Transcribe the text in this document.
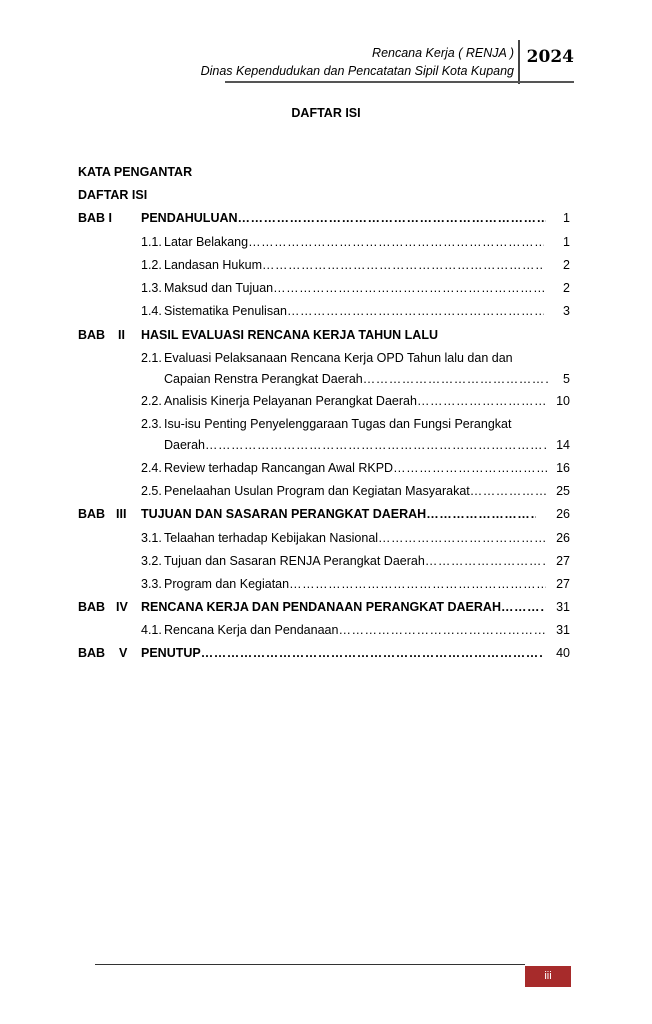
Rencana Kerja ( RENJA )
Dinas Kependudukan dan Pencatatan Sipil Kota Kupang
2024
DAFTAR ISI
KATA PENGANTAR
DAFTAR ISI
BAB I PENDAHULUAN ……………………………………………………………………………………………………………………………………………………	1
1.1. Latar Belakang ……………………………………………………………………………………………………………………………………………………	1
1.2. Landasan Hukum ……………………………………………………………………………………………………………………………………………………	2
1.3. Maksud dan Tujuan ……………………………………………………………………………………………………………………………………………………	2
1.4. Sistematika Penulisan ……………………………………………………………………………………………………………………………………………………	3
BAB II HASIL EVALUASI RENCANA KERJA TAHUN LALU
2.1. Evaluasi Pelaksanaan Rencana Kerja OPD Tahun lalu dan dan
Capaian Renstra Perangkat Daerah ……………………………………………………………………………………………………………………………………………………	5
2.2. Analisis Kinerja Pelayanan Perangkat Daerah ……………………………………………………………………………………………………………………………………………………	10
2.3. Isu-isu Penting Penyelenggaraan Tugas dan Fungsi Perangkat
Daerah ……………………………………………………………………………………………………………………………………………………	14
2.4. Review terhadap Rancangan Awal RKPD ……………………………………………………………………………………………………………………………………………………	16
2.5. Penelaahan Usulan Program dan Kegiatan Masyarakat ……………………………………………………………………………………………………………………………………………………	25
BAB III TUJUAN DAN SASARAN PERANGKAT DAERAH ……………………………………………………………………………………………………………………………………………………	26
3.1. Telaahan terhadap Kebijakan Nasional ……………………………………………………………………………………………………………………………………………………	26
3.2. Tujuan dan Sasaran RENJA Perangkat Daerah ……………………………………………………………………………………………………………………………………………………	27
3.3. Program dan Kegiatan ……………………………………………………………………………………………………………………………………………………	27
BAB IV RENCANA KERJA DAN PENDANAAN PERANGKAT DAERAH ……………………………………………………………………………………………………………………………………………………	31
4.1. Rencana Kerja dan Pendanaan ……………………………………………………………………………………………………………………………………………………	31
BAB V PENUTUP ……………………………………………………………………………………………………………………………………………………	40
iii
